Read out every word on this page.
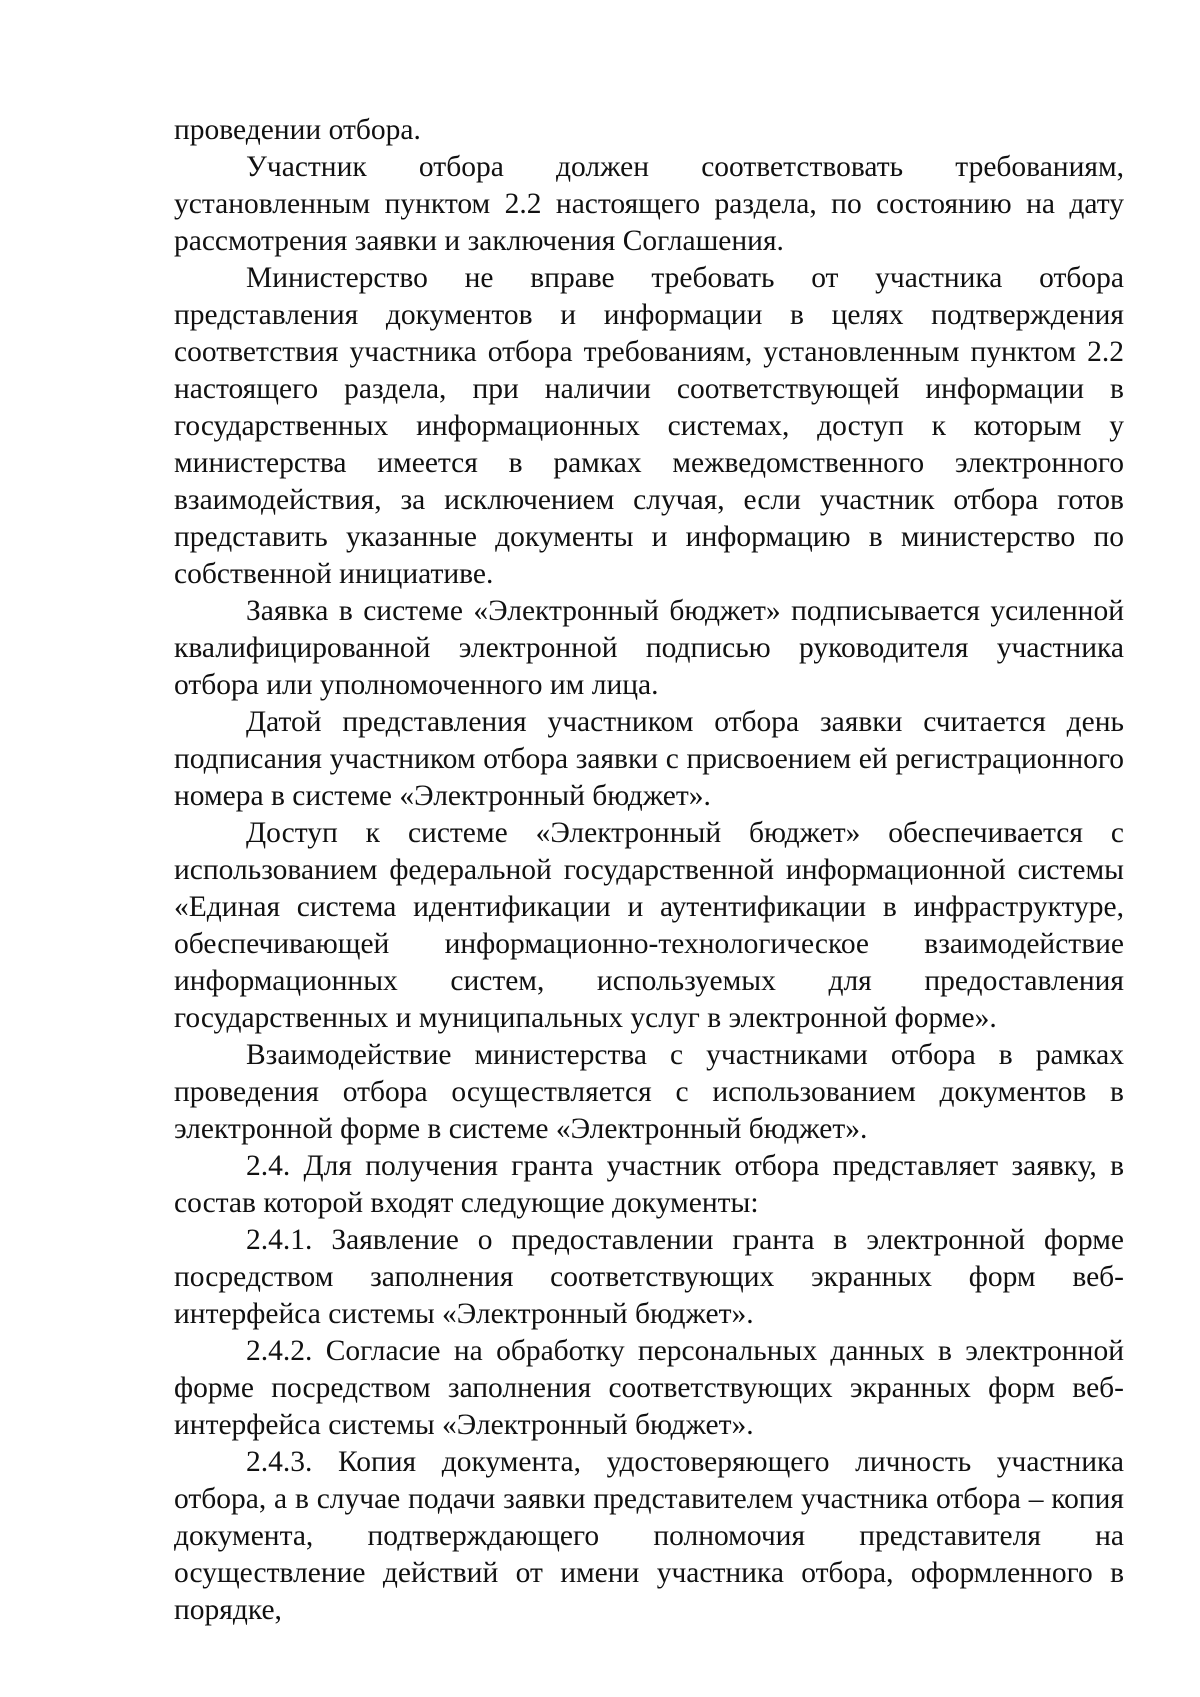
проведении отбора.

Участник отбора должен соответствовать требованиям, установленным пунктом 2.2 настоящего раздела, по состоянию на дату рассмотрения заявки и заключения Соглашения.

Министерство не вправе требовать от участника отбора представления документов и информации в целях подтверждения соответствия участника отбора требованиям, установленным пунктом 2.2 настоящего раздела, при наличии соответствующей информации в государственных информационных системах, доступ к которым у министерства имеется в рамках межведомственного электронного взаимодействия, за исключением случая, если участник отбора готов представить указанные документы и информацию в министерство по собственной инициативе.

Заявка в системе «Электронный бюджет» подписывается усиленной квалифицированной электронной подписью руководителя участника отбора или уполномоченного им лица.

Датой представления участником отбора заявки считается день подписания участником отбора заявки с присвоением ей регистрационного номера в системе «Электронный бюджет».

Доступ к системе «Электронный бюджет» обеспечивается с использованием федеральной государственной информационной системы «Единая система идентификации и аутентификации в инфраструктуре, обеспечивающей информационно-технологическое взаимодействие информационных систем, используемых для предоставления государственных и муниципальных услуг в электронной форме».

Взаимодействие министерства с участниками отбора в рамках проведения отбора осуществляется с использованием документов в электронной форме в системе «Электронный бюджет».

2.4. Для получения гранта участник отбора представляет заявку, в состав которой входят следующие документы:

2.4.1. Заявление о предоставлении гранта в электронной форме посредством заполнения соответствующих экранных форм веб-интерфейса системы «Электронный бюджет».

2.4.2. Согласие на обработку персональных данных в электронной форме посредством заполнения соответствующих экранных форм веб-интерфейса системы «Электронный бюджет».

2.4.3. Копия документа, удостоверяющего личность участника отбора, а в случае подачи заявки представителем участника отбора – копия документа, подтверждающего полномочия представителя на осуществление действий от имени участника отбора, оформленного в порядке,
